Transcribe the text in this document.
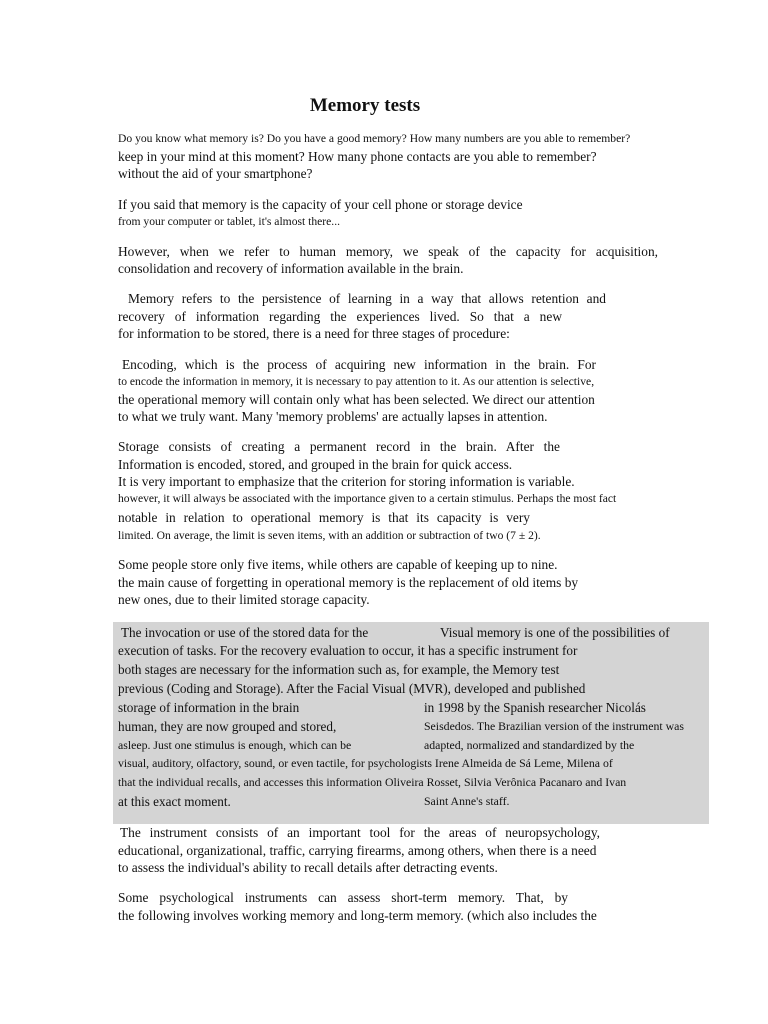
Memory tests
Do you know what memory is? Do you have a good memory? How many numbers are you able to remember?
keep in your mind at this moment? How many phone contacts are you able to remember?
without the aid of your smartphone?
If you said that memory is the capacity of your cell phone or storage device
from your computer or tablet, it's almost there...
However, when we refer to human memory, we speak of the capacity for acquisition,
consolidation and recovery of information available in the brain.
Memory refers to the persistence of learning in a way that allows retention and
recovery of information regarding the experiences lived. So that a new
for information to be stored, there is a need for three stages of procedure:
Encoding, which is the process of acquiring new information in the brain. For
to encode the information in memory, it is necessary to pay attention to it. As our attention is selective,
the operational memory will contain only what has been selected. We direct our attention
to what we truly want. Many 'memory problems' are actually lapses in attention.
Storage consists of creating a permanent record in the brain. After the
Information is encoded, stored, and grouped in the brain for quick access.
It is very important to emphasize that the criterion for storing information is variable.
however, it will always be associated with the importance given to a certain stimulus. Perhaps the most fact
notable in relation to operational memory is that its capacity is very
limited. On average, the limit is seven items, with an addition or subtraction of two (7 ± 2).
Some people store only five items, while others are capable of keeping up to nine.
the main cause of forgetting in operational memory is the replacement of old items by
new ones, due to their limited storage capacity.
The invocation or use of the stored data for the	Visual memory is one of the possibilities of
execution of tasks. For the recovery evaluation to occur, it has a specific instrument for
both stages are necessary for the information such as, for example, the Memory test
previous (Coding and Storage). After the Facial Visual (MVR), developed and published
storage of information in the brain	in 1998 by the Spanish researcher Nicolás
human, they are now grouped and stored,	Seisdedos. The Brazilian version of the instrument was
asleep. Just one stimulus is enough, which can be	adapted, normalized and standardized by the
visual, auditory, olfactory, sound, or even tactile, for psychologists Irene Almeida de Sá Leme, Milena of
that the individual recalls, and accesses this information Oliveira Rosset, Silvia Verônica Pacanaro and Ivan
at this exact moment.	Saint Anne's staff.
The instrument consists of an important tool for the areas of neuropsychology,
educational, organizational, traffic, carrying firearms, among others, when there is a need
to assess the individual's ability to recall details after detracting events.
Some psychological instruments can assess short-term memory. That, by
the following involves working memory and long-term memory. (which also includes the
